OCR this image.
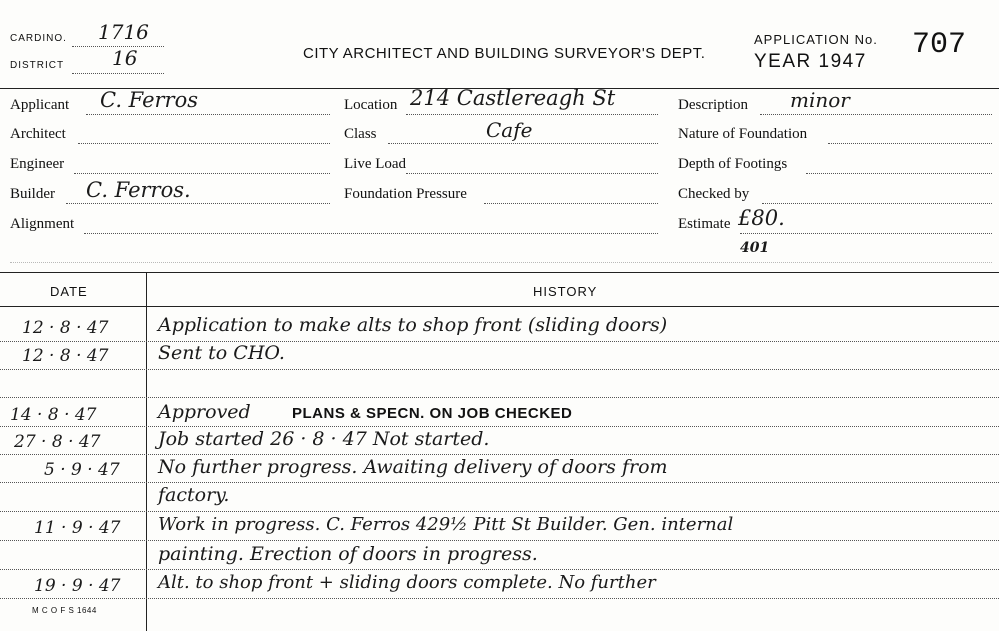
CARDINO. 1716
DISTRICT 16	CITY ARCHITECT AND BUILDING SURVEYOR'S DEPT.
APPLICATION No.
YEAR 1947 707
Applicant C. Ferros
Architect
Engineer
Builder C. Ferros.
Alignment
Location 214 Castlereagh St
Class	Cafe
Live Load
Foundation Pressure
Description minor
Nature of Foundation
Depth of Footings
Checked by
Estimate £80.
401
DATE	HISTORY
12 · 8 · 47	Application to make alts to shop front (sliding doors)
12 · 8 · 47	Sent to CHO.
14 · 8 · 47	Approved	PLANS & SPECN. ON JOB CHECKED
27 · 8 · 47	Job started 26 · 8 · 47 Not started.
5 · 9 · 47 No further progress. Awaiting delivery of doors from
factory.
11 · 9 · 47 Work in progress. C. Ferros 429½ Pitt St Builder. Gen. internal
painting. Erection of doors in progress.
19 · 9 · 47 Alt. to shop front + sliding doors complete. No further
M C O F S 1644
